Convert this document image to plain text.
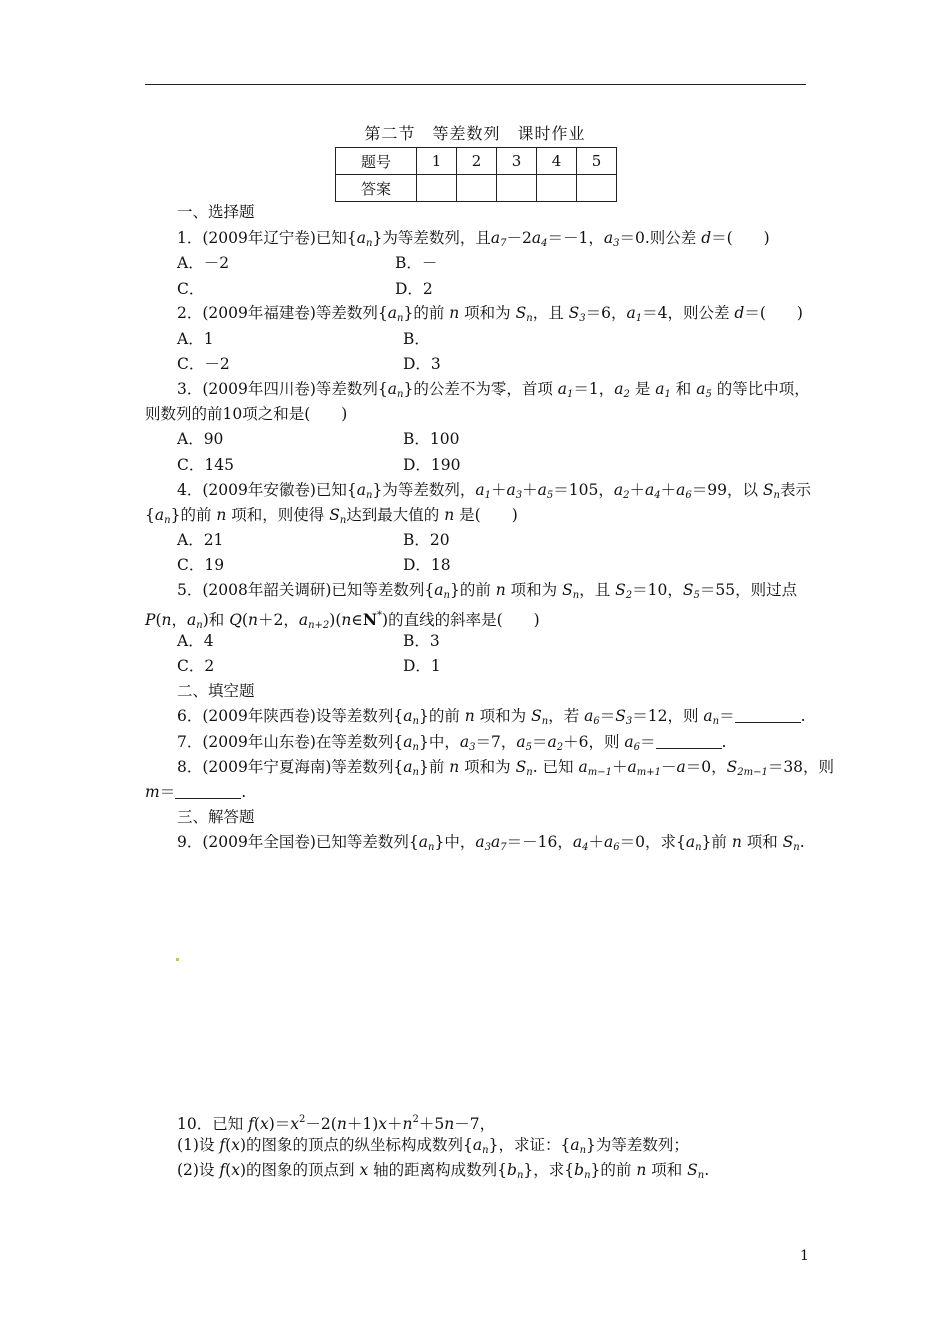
第二节　等差数列　课时作业
题号	1	2	3	4	5
答案					
一、选择题
1．(2009年辽宁卷)已知$\{a_n\}$为等差数列，且$a_7-2a_4=-1$，$a_3=0$.则公差 d＝(　　)
A．－2	B．－
C．	D．2
2．(2009年福建卷)等差数列$\{a_n\}$的前 n 项和为 $S_n$，且 $S_3=6$，$a_1=4$，则公差 d＝(　　)
A．1	B．
C．－2	D．3
3．(2009年四川卷)等差数列$\{a_n\}$的公差不为零，首项 $a_1=1$，$a_2$ 是 $a_1$ 和 $a_5$ 的等比中项，
则数列的前10项之和是(　　)
A．90	B．100
C．145	D．190
4．(2009年安徽卷)已知$\{a_n\}$为等差数列，$a_1+a_3+a_5=105$，$a_2+a_4+a_6=99$，以 $S_n$表示
$\{a_n\}$的前 n 项和，则使得 $S_n$达到最大值的 n 是(　　)
A．21	B．20
C．19	D．18
5．(2008年韶关调研)已知等差数列$\{a_n\}$的前 n 项和为 $S_n$，且 $S_2=10$，$S_5=55$，则过点
P(n，$a_n$)和 Q(n＋2，$a_{n+2})(n\in N^*)$的直线的斜率是(　　)
A．4	B．3
C．2	D．1
二、填空题
6．(2009年陕西卷)设等差数列$\{a_n\}$的前 n 项和为 $S_n$，若 $a_6=S_3=12$，则 $a_n=$	.
7．(2009年山东卷)在等差数列$\{a_n\}$中，$a_3=7$，$a_5=a_2+6$，则 $a_6=$	.
8．(2009年宁夏海南)等差数列$\{a_n\}$前 n 项和为 $S_n$. 已知 $a_{m-1}+a_{m+1}-a=0$，$S_{2m-1}=38$，则
m＝	.
三、解答题
9．(2009年全国卷)已知等差数列$\{a_n\}$中，$a_3a_7=-16$，$a_4+a_6=0$，求$\{a_n\}$前 n 项和 $S_n$.
10．已知 $f(x)=x^2-2(n+1)x+n^2+5n-7$，
(1)设 f(x)的图象的顶点的纵坐标构成数列$\{a_n\}$，求证：$\{a_n\}$为等差数列；
(2)设 f(x)的图象的顶点到 x 轴的距离构成数列$\{b_n\}$，求$\{b_n\}$的前 n 项和 $S_n$.
1
